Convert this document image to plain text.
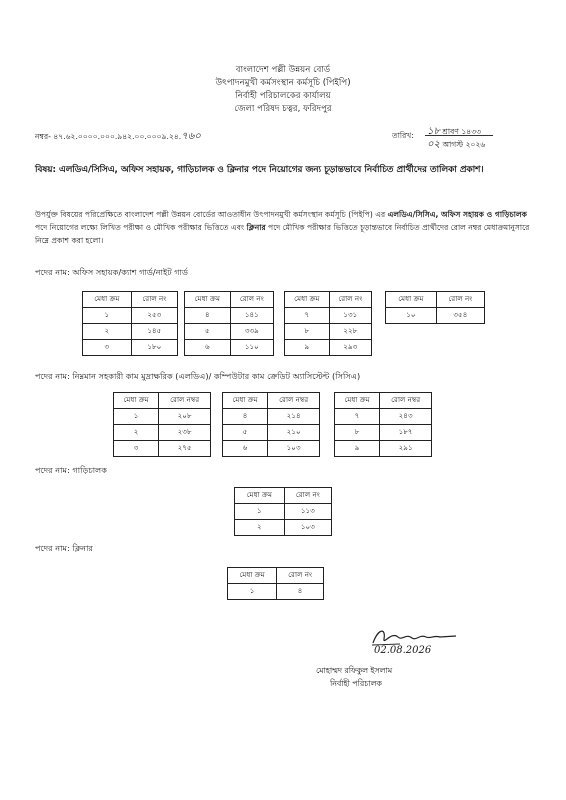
বাংলাদেশ পল্লী উন্নয়ন বোর্ড
উৎপাদনমুখী কর্মসংস্থান কর্মসূচি (পিইপি)
নির্বাহী পরিচালকের কার্যালয়
জেলা পরিষদ চত্বর, ফরিদপুর
নম্বর- ৪৭.৬২.০০০০.০০০.৯৪২.০০.০০০৯.২৪.৭৬০	তারিখ: ১৮ শ্রাবণ ১৪৩৩
০২ আগস্ট ২০২৬
বিষয়: এলডিএ/সিসিএ, অফিস সহায়ক, গাড়িচালক ও ক্লিনার পদে নিয়োগের জন্য চূড়ান্তভাবে নির্বাচিত প্রার্থীদের তালিকা প্রকাশ।
উপর্যুক্ত বিষয়ের পরিপ্রেক্ষিতে বাংলাদেশ পল্লী উন্নয়ন বোর্ডের আওতাধীন উৎপাদনমুখী কর্মসংস্থান কর্মসূচি (পিইপি) এর এলডিএ/সিসিএ, অফিস সহায়ক ও গাড়িচালক পদে নিয়োগের লক্ষ্যে লিখিত পরীক্ষা ও মৌখিক পরীক্ষার ভিত্তিতে এবং ক্লিনার পদে মৌখিক পরীক্ষার ভিত্তিতে চূড়ান্তভাবে নির্বাচিত প্রার্থীদের রোল নম্বর মেধাক্রমানুসারে নিম্নে প্রকাশ করা হলো।
পদের নাম: অফিস সহায়ক/ক্যাশ গার্ড/নাইট গার্ড
মেধা ক্রম	রোল নং
১	২৫৩
২	১৪৫
৩	১৮০
মেধা ক্রম	রোল নং
৪	১৪১
৫	৩৩৯
৬	১১০
মেধা ক্রম	রোল নং
৭	১৩১
৮	২২৮
৯	২৯৩
মেধা ক্রম	রোল নং
১০	৩৫৪
পদের নাম: নিম্নমান সহকারী কাম মুদ্রাক্ষরিক (এলডিএ)/ কম্পিউটার কাম ক্রেডিট অ্যাসিস্টেন্ট (সিসিএ)
মেধা ক্রম	রোল নম্বর
১	২০৮
২	২৩৮
৩	২৭৫
মেধা ক্রম	রোল নম্বর
৪	২১৪
৫	২১০
৬	১০৩
মেধা ক্রম	রোল নম্বর
৭	২৪৩
৮	১৮৭
৯	২৯১
পদের নাম: গাড়িচালক
মেধা ক্রম	রোল নং
১	১১৩
২	১০৩
পদের নাম: ক্লিনার
মেধা ক্রম	রোল নং
১	৪
02.08.2026
মোহাম্মদ রফিকুল ইসলাম
নির্বাহী পরিচালক
